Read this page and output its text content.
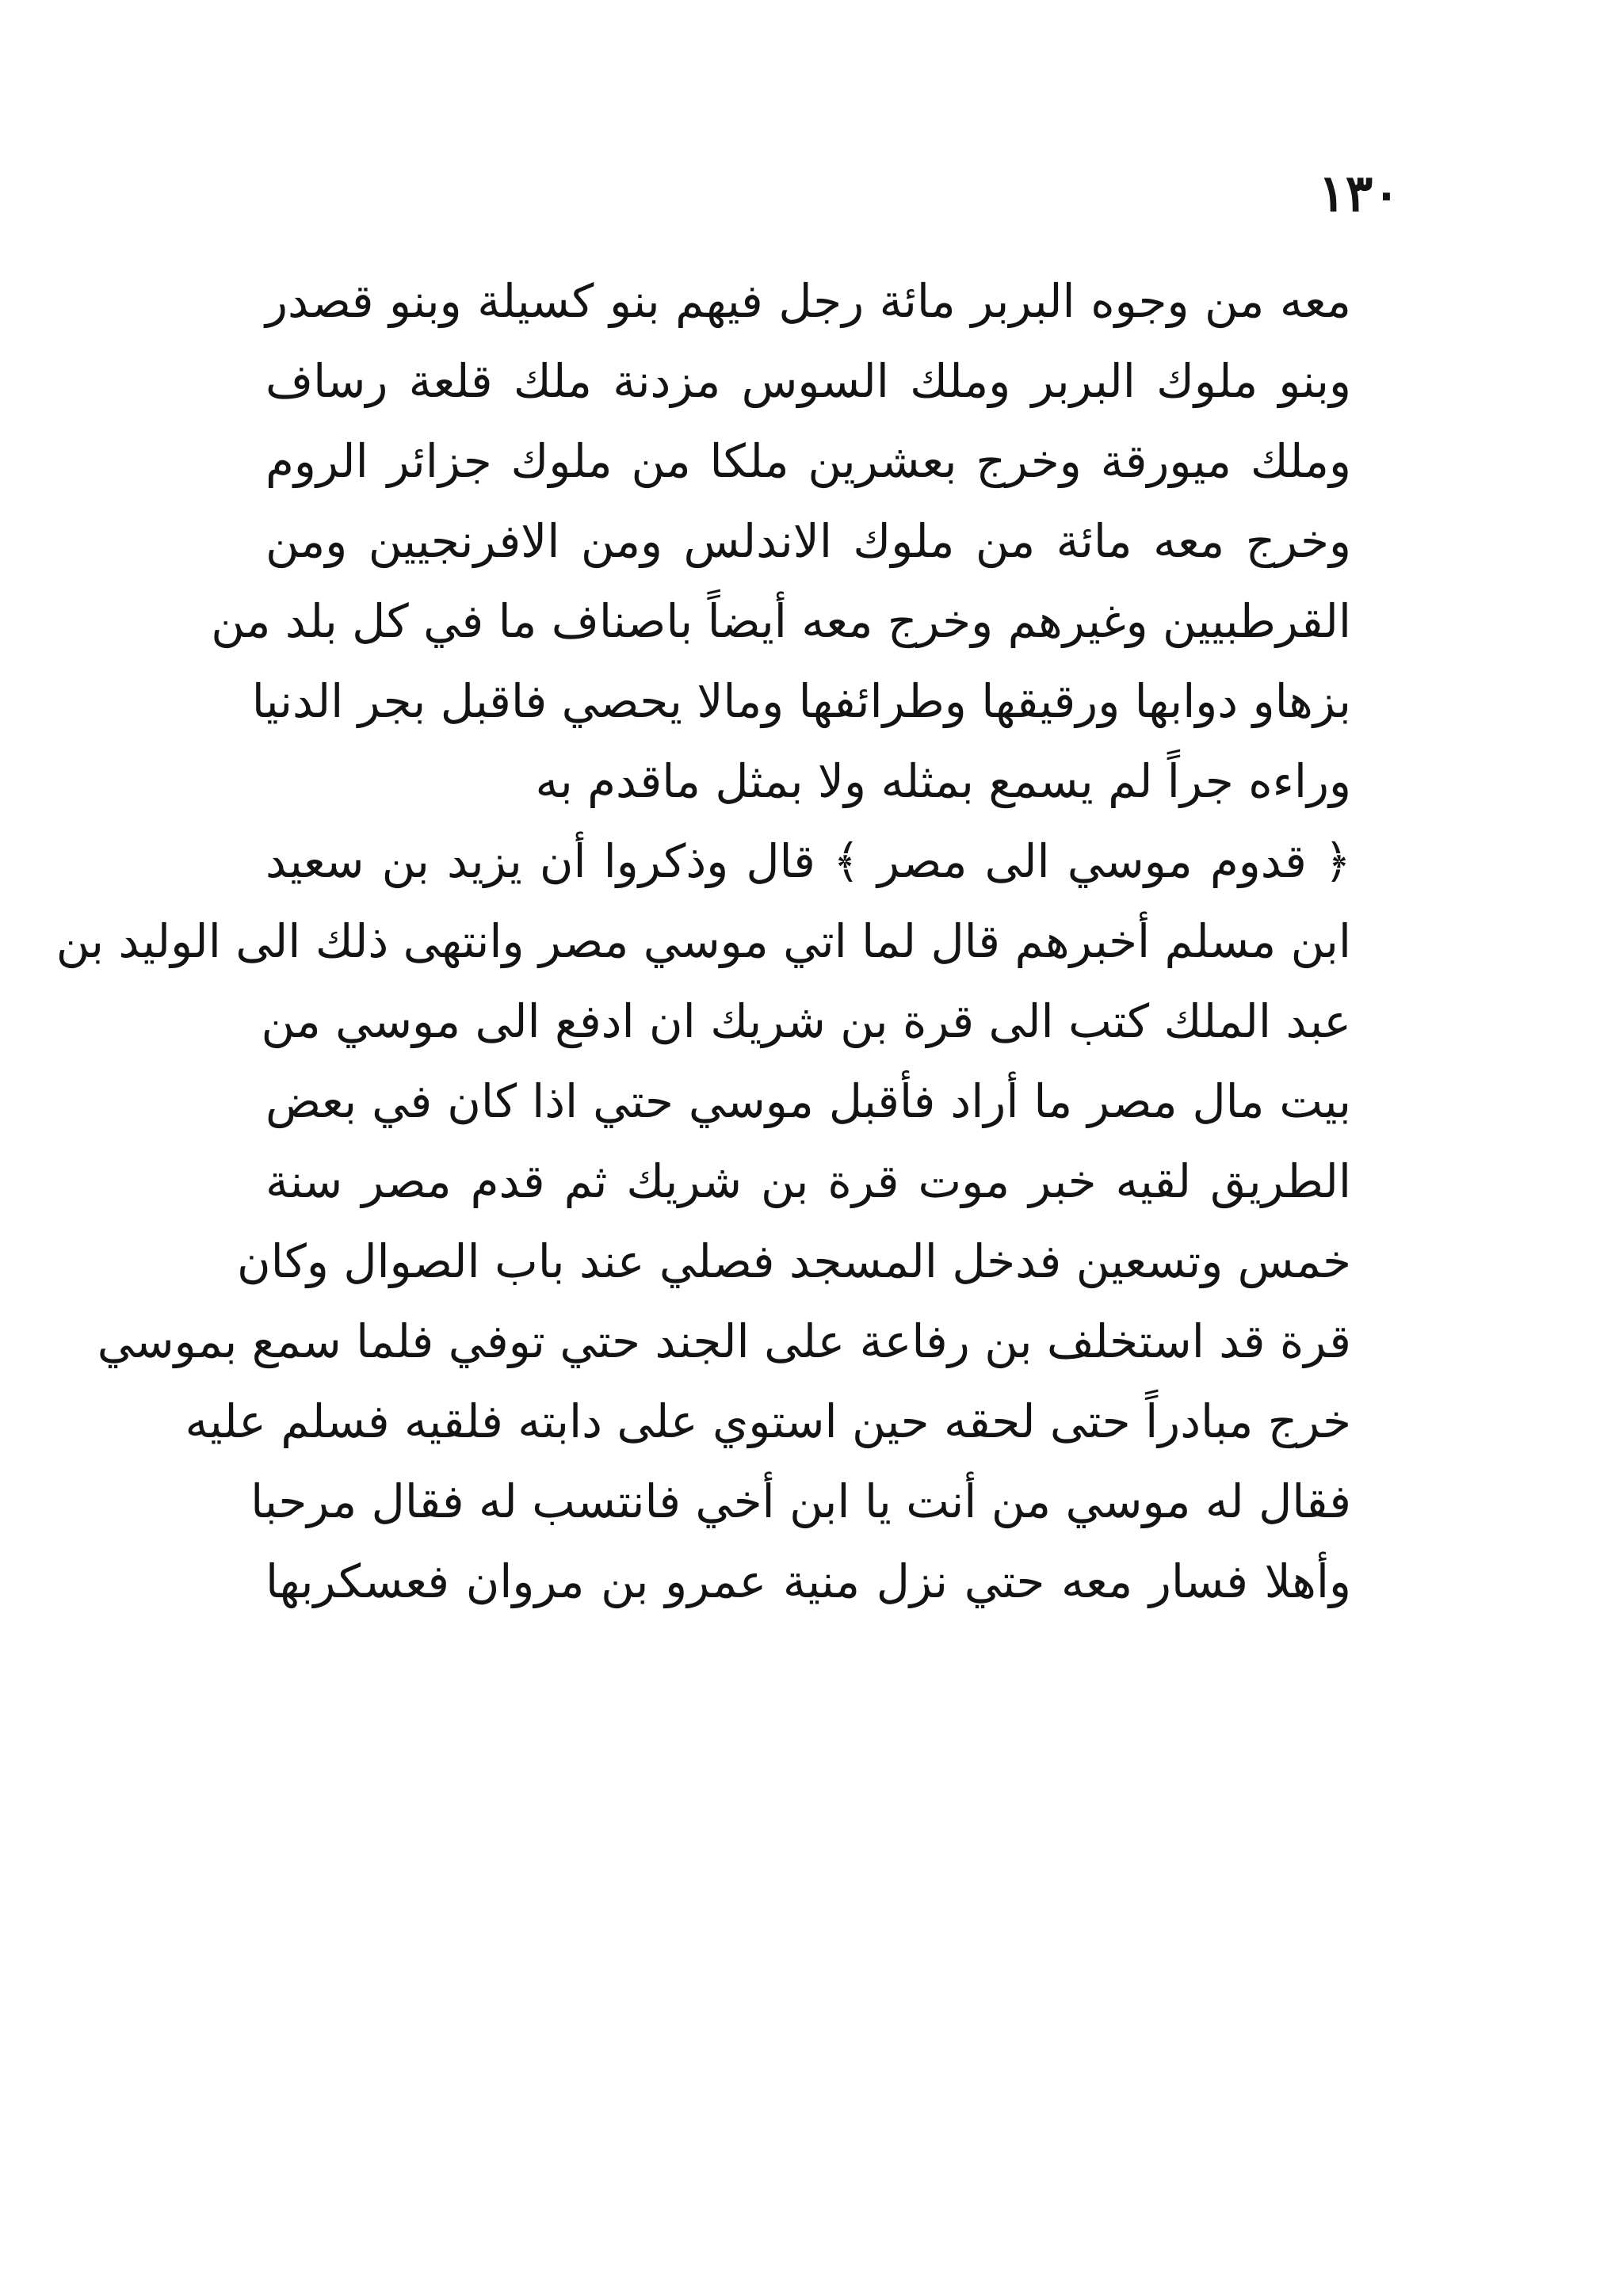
١٣٠
معه من وجوه البربر مائة رجل فيهم بنو كسيلة وبنو قصدر
وبنو ملوك البربر وملك السوس مزدنة ملك قلعة رساف
وملك ميورقة وخرج بعشرين ملكا من ملوك جزائر الروم
وخرج معه مائة من ملوك الاندلس ومن الافرنجيين ومن
القرطبيين وغيرهم وخرج معه أيضاً باصناف ما في كل بلد من
بزهاو دوابها ورقيقها وطرائفها ومالا يحصي فاقبل بجر الدنيا
وراءه جراً لم يسمع بمثله ولا بمثل ماقدم به
﴿ قدوم موسي الى مصر ﴾ قال وذكروا أن يزيد بن سعيد
ابن مسلم أخبرهم قال لما اتي موسي مصر وانتهى ذلك الى الوليد بن
عبد الملك كتب الى قرة بن شريك ان ادفع الى موسي من
بيت مال مصر ما أراد فأقبل موسي حتي اذا كان في بعض
الطريق لقيه خبر موت قرة بن شريك ثم قدم مصر سنة
خمس وتسعين فدخل المسجد فصلي عند باب الصوال وكان
قرة قد استخلف بن رفاعة على الجند حتي توفي فلما سمع بموسي
خرج مبادراً حتى لحقه حين استوي على دابته فلقيه فسلم عليه
فقال له موسي من أنت يا ابن أخي فانتسب له فقال مرحبا
وأهلا فسار معه حتي نزل منية عمرو بن مروان فعسكربها
